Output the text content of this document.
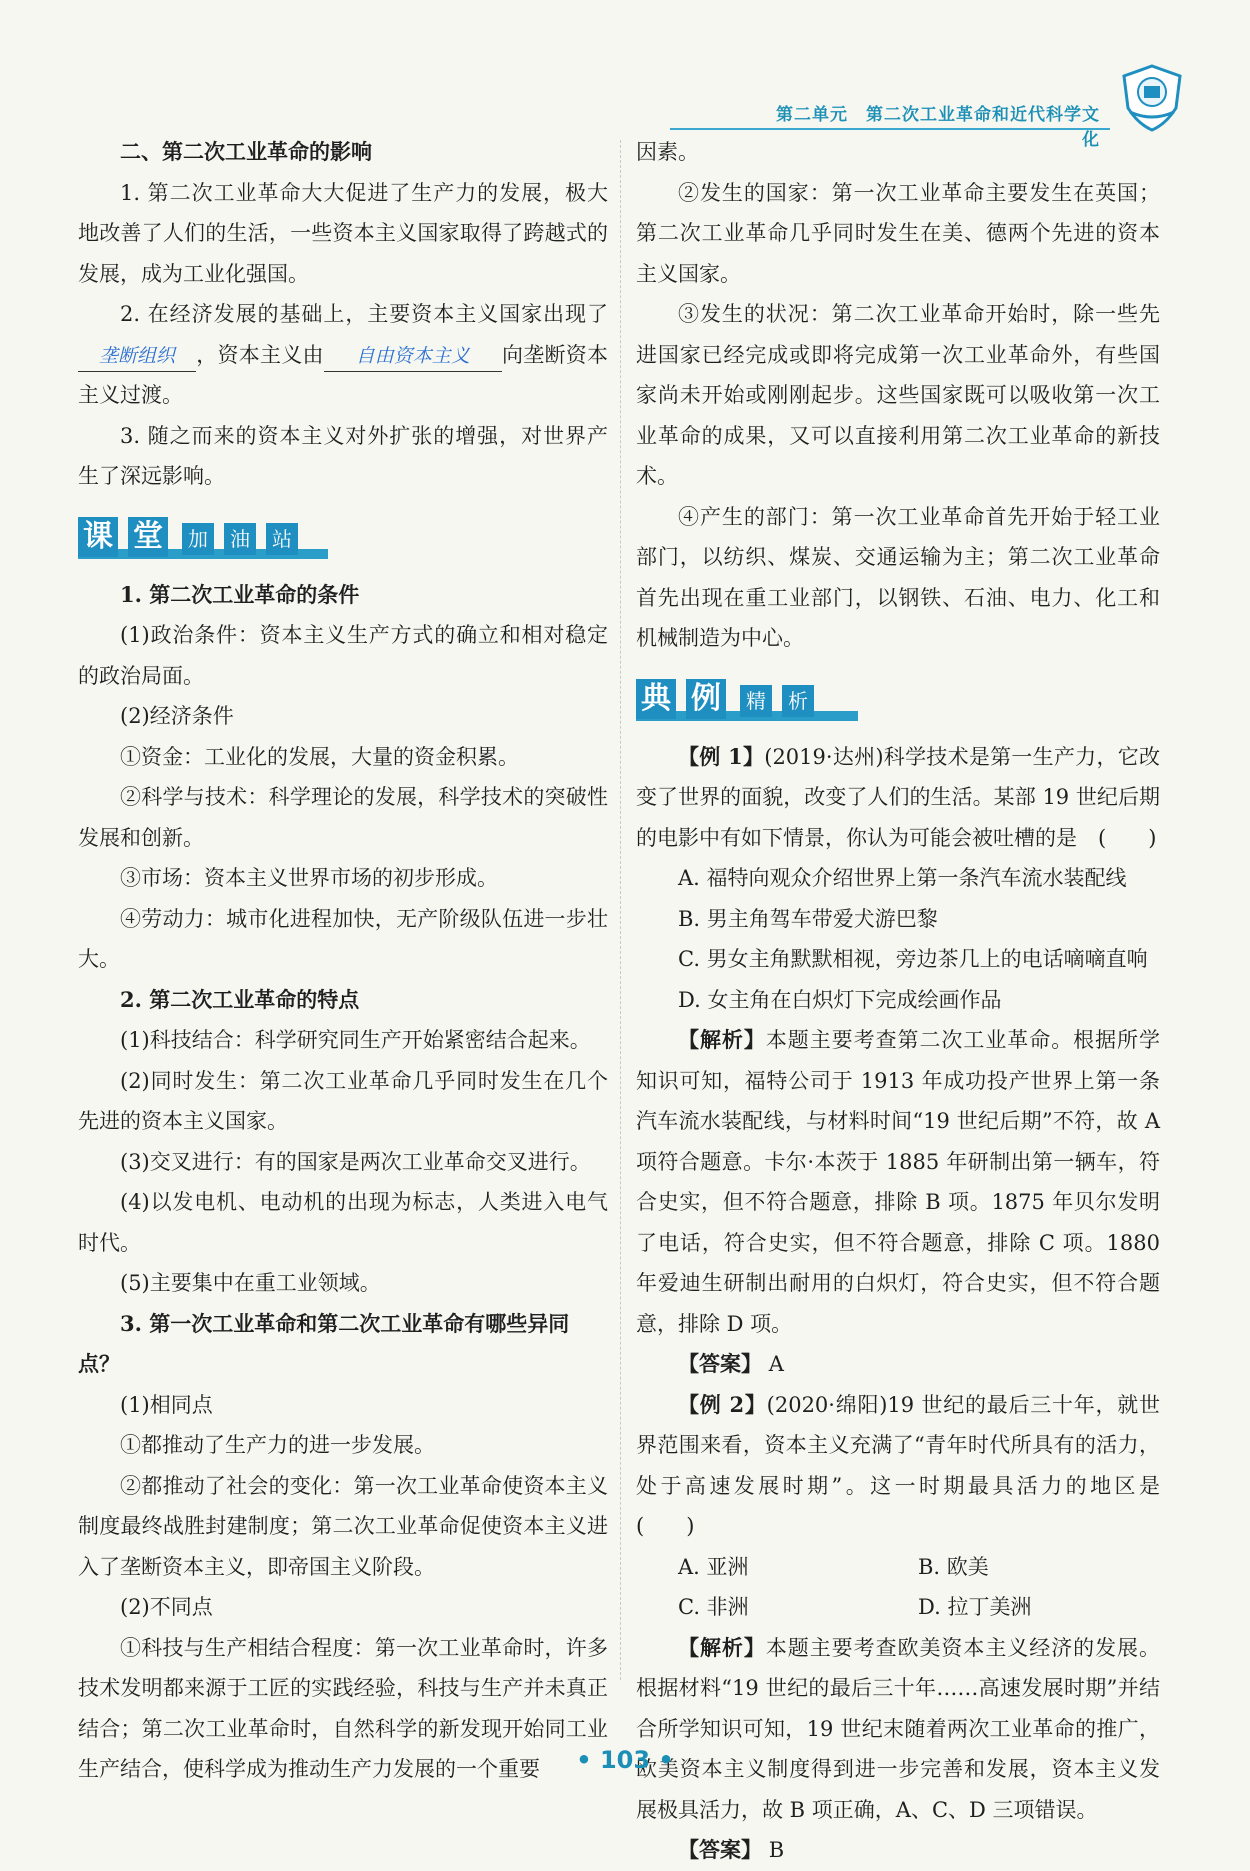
第二单元　第二次工业革命和近代科学文化
二、第二次工业革命的影响

1. 第二次工业革命大大促进了生产力的发展，极大地改善了人们的生活，一些资本主义国家取得了跨越式的发展，成为工业化强国。

2. 在经济发展的基础上，主要资本主义国家出现了垄断组织 ，资本主义由 自由资本主义 向垄断资本主义过渡。

3. 随之而来的资本主义对外扩张的增强，对世界产生了深远影响。

课 堂	加	油	站
1. 第二次工业革命的条件

(1)政治条件：资本主义生产方式的确立和相对稳定的政治局面。

(2)经济条件

①资金：工业化的发展，大量的资金积累。

②科学与技术：科学理论的发展，科学技术的突破性发展和创新。

③市场：资本主义世界市场的初步形成。

④劳动力：城市化进程加快，无产阶级队伍进一步壮大。

2. 第二次工业革命的特点

(1)科技结合：科学研究同生产开始紧密结合起来。

(2)同时发生：第二次工业革命几乎同时发生在几个先进的资本主义国家。

(3)交叉进行：有的国家是两次工业革命交叉进行。

(4)以发电机、电动机的出现为标志，人类进入电气时代。

(5)主要集中在重工业领域。

3. 第一次工业革命和第二次工业革命有哪些异同点？

(1)相同点

①都推动了生产力的进一步发展。

②都推动了社会的变化：第一次工业革命使资本主义制度最终战胜封建制度；第二次工业革命促使资本主义进入了垄断资本主义，即帝国主义阶段。

(2)不同点

①科技与生产相结合程度：第一次工业革命时，许多技术发明都来源于工匠的实践经验，科技与生产并未真正结合；第二次工业革命时，自然科学的新发现开始同工业生产结合，使科学成为推动生产力发展的一个重要

因素。

②发生的国家：第一次工业革命主要发生在英国；第二次工业革命几乎同时发生在美、德两个先进的资本主义国家。

③发生的状况：第二次工业革命开始时，除一些先进国家已经完成或即将完成第一次工业革命外，有些国家尚未开始或刚刚起步。这些国家既可以吸收第一次工业革命的成果，又可以直接利用第二次工业革命的新技术。

④产生的部门：第一次工业革命首先开始于轻工业部门，以纺织、煤炭、交通运输为主；第二次工业革命首先出现在重工业部门，以钢铁、石油、电力、化工和机械制造为中心。

典 例	精	析

【例 1】(2019·达州)科学技术是第一生产力，它改变了世界的面貌，改变了人们的生活。某部 19 世纪后期的电影中有如下情景，你认为可能会被吐槽的是　(　　)

A. 福特向观众介绍世界上第一条汽车流水装配线

B. 男主角驾车带爱犬游巴黎

C. 男女主角默默相视，旁边茶几上的电话嘀嘀直响

D. 女主角在白炽灯下完成绘画作品

【解析】本题主要考查第二次工业革命。根据所学知识可知，福特公司于 1913 年成功投产世界上第一条汽车流水装配线，与材料时间“19 世纪后期”不符，故 A 项符合题意。卡尔·本茨于 1885 年研制出第一辆车，符合史实，但不符合题意，排除 B 项。1875 年贝尔发明了电话，符合史实，但不符合题意，排除 C 项。1880 年爱迪生研制出耐用的白炽灯，符合史实，但不符合题意，排除 D 项。

【答案】 A

【例 2】(2020·绵阳)19 世纪的最后三十年，就世界范围来看，资本主义充满了“青年时代所具有的活力，处于高速发展时期”。这一时期最具活力的地区是　　(　　)

A. 亚洲	B. 欧美
C. 非洲	D. 拉丁美洲

【解析】本题主要考查欧美资本主义经济的发展。根据材料“19 世纪的最后三十年……高速发展时期”并结合所学知识可知，19 世纪末随着两次工业革命的推广，欧美资本主义制度得到进一步完善和发展，资本主义发展极具活力，故 B 项正确，A、C、D 三项错误。

【答案】 B

• 103 •
